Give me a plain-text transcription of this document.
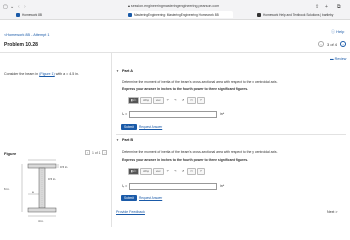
▢ ⌄ ‹ ›	🔒︎ session.engineeringmasteringengineering.pearson.com	⇪ + ⧉
Homework 8B	MasteringEngineering: MasteringEngineering Homework 8B	Homework Help and Textbook Solutions | bartleby
<Homework 8B - Attempt 1
Problem 10.28
ⓘ Help
‹	3 of 4	›
▬ Review
Consider the beam in (Figure 1) with a = 4.5 in.
Figure	‹	1 of 1	›
0.5 in.
0.5 in.
6 in.
a
4 in.
▼ Part A
Determine the moment of inertia of the beam's cross-sectional area with respect to the x centroidal axis.
Express your answer in inches to the fourth power to three significant figures.
▮√□	ΑΣφ	vec	↶	↷	↺	▭	?
Iₓ =	in⁴
Submit	Request Answer
▼ Part B
Determine the moment of inertia of the beam's cross-sectional area with respect to the y centroidal axis.
Express your answer in inches to the fourth power to three significant figures.
▮√□	ΑΣφ	vec	↶	↷	↺	▭	?
Iᵧ =	in⁴
Submit	Request Answer
Provide Feedback	Next >
